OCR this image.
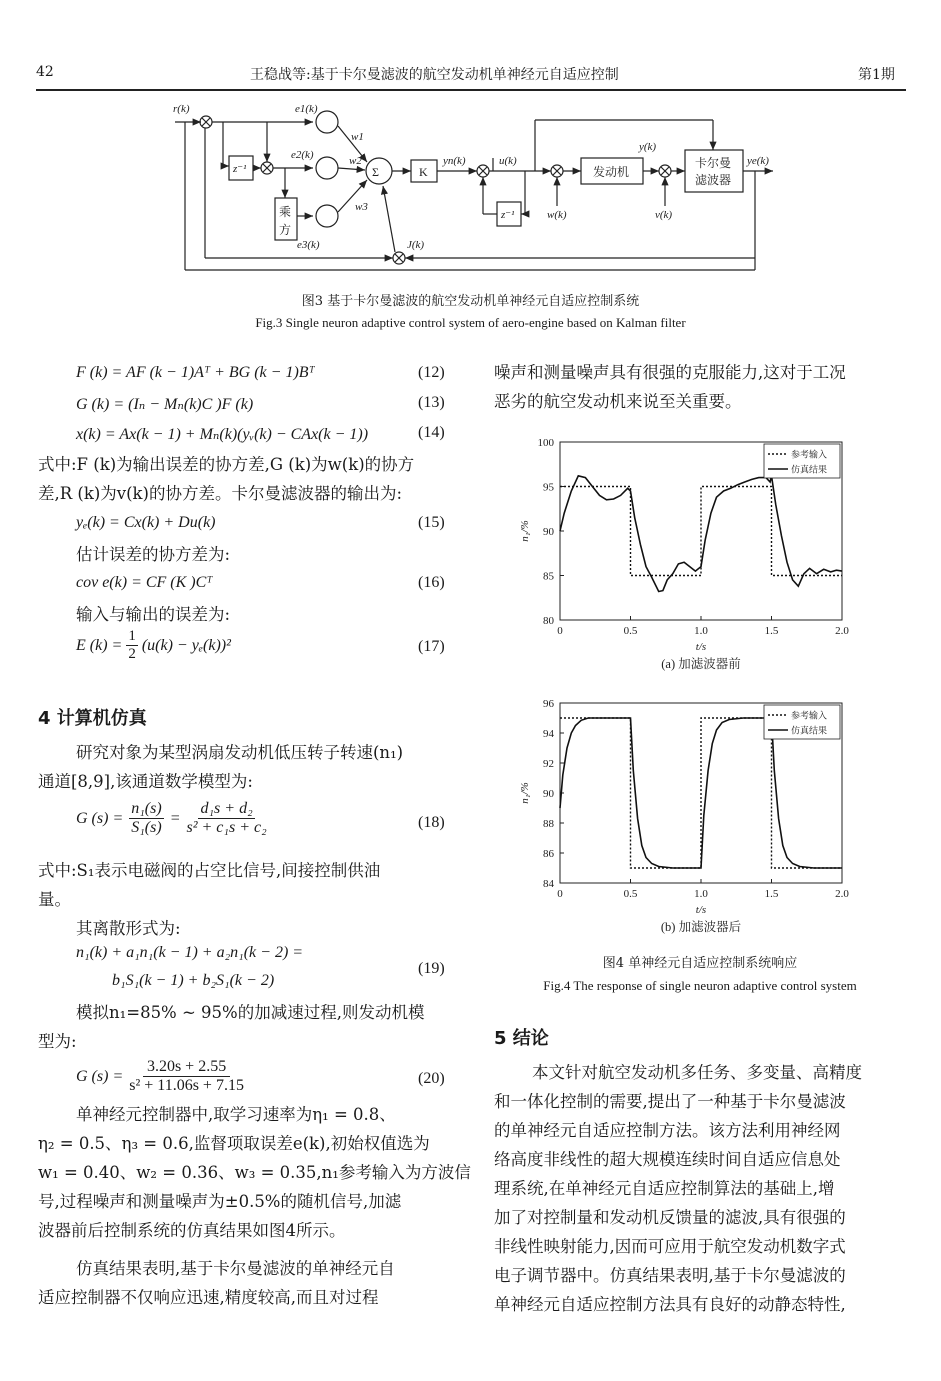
42	王稳战等:基于卡尔曼滤波的航空发动机单神经元自适应控制	第1期
r(k)	e1(k)
e2(k)
e3(k)
w1
w2
w3
z⁻¹
z⁻¹
yn(k)	u(k)
y(k)
ye(k)
w(k)	v(k)
J(k)
乘
方
Σ	K	发动机
卡尔曼
滤波器
图3 基于卡尔曼滤波的航空发动机单神经元自适应控制系统
Fig.3 Single neuron adaptive control system of aero-engine based on Kalman filter
F (k) = AF (k − 1)Aᵀ + BG (k − 1)Bᵀ	(12)
G (k) = (Iₙ − Mₙ(k)C )F (k)	(13)
x(k) = Ax(k − 1) + Mₙ(k)(yᵥ(k) − CAx(k − 1))	(14)
式中:F (k)为输出误差的协方差,G (k)为w(k)的协方
差,R (k)为v(k)的协方差。卡尔曼滤波器的输出为:
yₑ(k) = Cx(k) + Du(k)	(15)
估计误差的协方差为:
cov e(k) = CF (K )Cᵀ	(16)
输入与输出的误差为:
E $(k) = \frac{1}{2} (u(k) - y_e(k))^2$	(17)
4 计算机仿真
研究对象为某型涡扇发动机低压转子转速(n₁)
通道[8,9],该通道数学模型为:
G $(s) = \frac{\text{n₁(s)}}{\text{S₁(s)}} = \frac{\text{d₁s + d₂}}{\text{s² + c₁s + c₂}}$	(18)
式中:S₁表示电磁阀的占空比信号,间接控制供油
量。
其离散形式为:
n₁(k) + a₁n₁(k − 1) + a₂n₁(k − 2) =
b₁S₁(k − 1) + b₂S₁(k − 2)
(19)
模拟n₁=85% ~ 95%的加减速过程,则发动机模
型为:
G $(s) = \frac{3.20s + 2.55}{\text{s² + 11.06s + 7.15}}$	(20)
单神经元控制器中,取学习速率为η₁ = 0.8、
η₂ = 0.5、η₃ = 0.6,监督项取误差e(k),初始权值选为
w₁ = 0.40、w₂ = 0.36、w₃ = 0.35,n₁参考输入为方波信
号,过程噪声和测量噪声为±0.5%的随机信号,加滤
波器前后控制系统的仿真结果如图4所示。
仿真结果表明,基于卡尔曼滤波的单神经元自
适应控制器不仅响应迅速,精度较高,而且对过程
噪声和测量噪声具有很强的克服能力,这对于工况
恶劣的航空发动机来说至关重要。
0	0.5	1.0	1.5	2.0
80
85
90
95
100
t/s
n₁/%
(a) 加滤波器前
参考输入
仿真结果
0	0.5	1.0	1.5	2.0
84
86
88
90
92
94
96
t/s
n₁/%
(b) 加滤波器后
参考输入
仿真结果
图4 单神经元自适应控制系统响应
Fig.4 The response of single neuron adaptive control system
5 结论
本文针对航空发动机多任务、多变量、高精度
和一体化控制的需要,提出了一种基于卡尔曼滤波
的单神经元自适应控制方法。该方法利用神经网
络高度非线性的超大规模连续时间自适应信息处
理系统,在单神经元自适应控制算法的基础上,增
加了对控制量和发动机反馈量的滤波,具有很强的
非线性映射能力,因而可应用于航空发动机数字式
电子调节器中。仿真结果表明,基于卡尔曼滤波的
单神经元自适应控制方法具有良好的动静态特性,
